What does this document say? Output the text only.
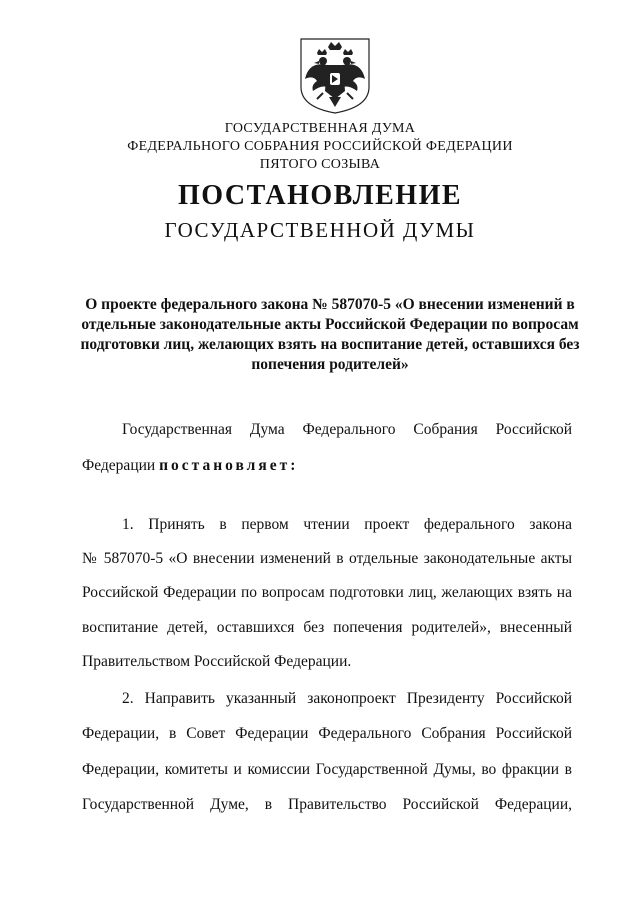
ГОСУДАРСТВЕННАЯ ДУМА
ФЕДЕРАЛЬНОГО СОБРАНИЯ РОССИЙСКОЙ ФЕДЕРАЦИИ
ПЯТОГО СОЗЫВА
ПОСТАНОВЛЕНИЕ
ГОСУДАРСТВЕННОЙ ДУМЫ
О проекте федерального закона № 587070-5 «О внесении изменений в
отдельные законодательные акты Российской Федерации по вопросам
подготовки лиц, желающих взять на воспитание детей, оставшихся без
попечения родителей»
Государственная Дума Федерального Собрания Российской
Федерации постановляет:
1. Принять в первом чтении проект федерального закона
№ 587070-5 «О внесении изменений в отдельные законодательные акты
Российской Федерации по вопросам подготовки лиц, желающих взять на
воспитание детей, оставшихся без попечения родителей», внесенный
Правительством Российской Федерации.
2. Направить указанный законопроект Президенту Российской
Федерации, в Совет Федерации Федерального Собрания Российской
Федерации, комитеты и комиссии Государственной Думы, во фракции в
Государственной Думе, в Правительство Российской Федерации,
